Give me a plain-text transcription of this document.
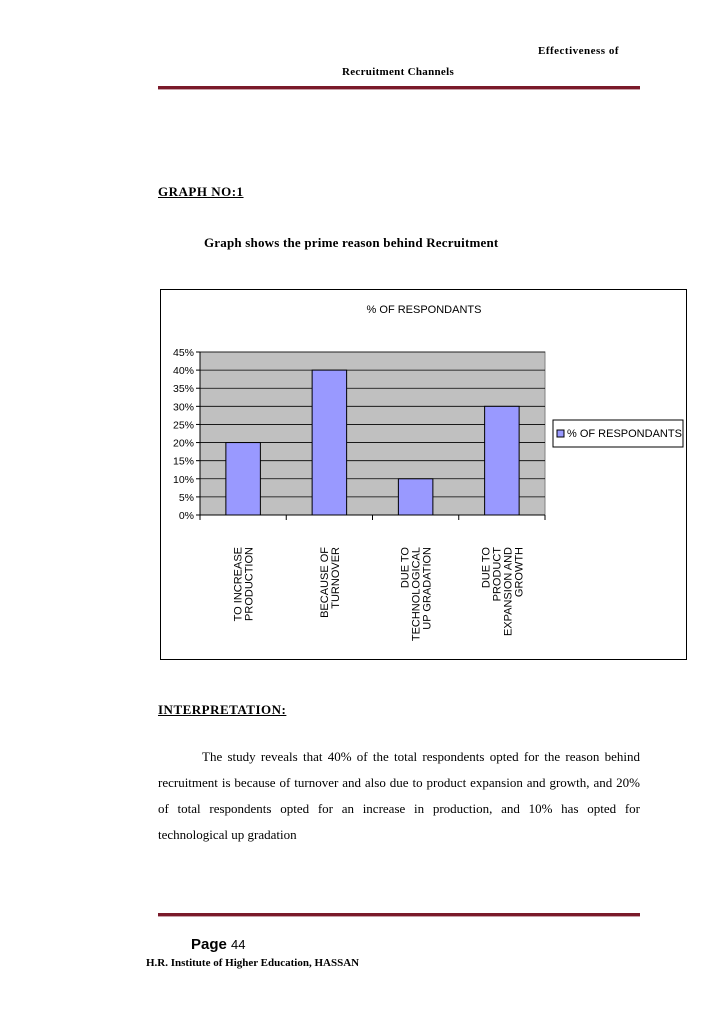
Effectiveness of
Recruitment Channels
GRAPH NO:1
Graph shows the prime reason behind Recruitment
% OF RESPONDANTS
0%
5%
10%
15%
20%
25%
30%
35%
40%
45%
TO INCREASE PRODUCTION	BECAUSE OF TURNOVER	DUE TO TECHNOLOGICAL UP GRADATION	DUE TO PRODUCT EXPANSION AND GROWTH
% OF RESPONDANTS
INTERPRETATION:
The study reveals that 40% of the total respondents opted for the reason behind recruitment is because of turnover and also due to product expansion and growth, and 20% of total respondents opted for an increase in production, and 10% has opted for technological up gradation
Page 44
H.R. Institute of Higher Education, HASSAN
